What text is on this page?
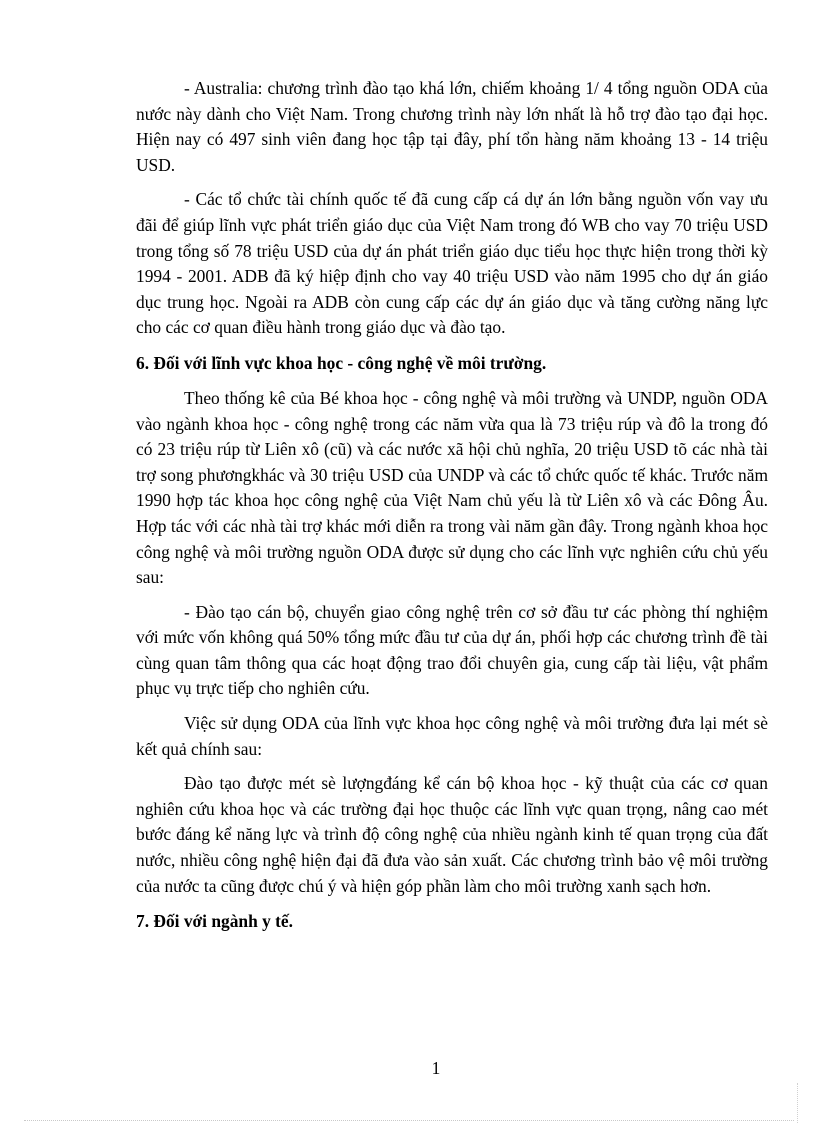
- Australia: chương trình đào tạo khá lớn, chiếm khoảng 1/ 4 tổng nguồn ODA của nước này dành cho Việt Nam. Trong chương trình này lớn nhất là hỗ trợ đào tạo đại học. Hiện nay có 497 sinh viên đang học tập tại đây, phí tổn hàng năm khoảng 13 - 14 triệu USD.

- Các tổ chức tài chính quốc tế đã cung cấp cá dự án lớn bằng nguồn vốn vay ưu đãi để giúp lĩnh vực phát triển giáo dục của Việt Nam trong đó WB cho vay 70 triệu USD trong tổng số 78 triệu USD của dự án phát triển giáo dục tiểu học thực hiện trong thời kỳ 1994 - 2001. ADB đã ký hiệp định cho vay 40 triệu USD vào năm 1995 cho dự án giáo dục trung học. Ngoài ra ADB còn cung cấp các dự án giáo dục và tăng cường năng lực cho các cơ quan điều hành trong giáo dục và đào tạo.

6. Đối với lĩnh vực khoa học - công nghệ về môi trường.

Theo thống kê của Bé khoa học - công nghệ và môi trường và UNDP, nguồn ODA vào ngành khoa học - công nghệ trong các năm vừa qua là 73 triệu rúp và đô la trong đó có 23 triệu rúp từ Liên xô (cũ) và các nước xã hội chủ nghĩa, 20 triệu USD tõ các nhà tài trợ song phươngkhác và 30 triệu USD của UNDP và các tổ chức quốc tế khác. Trước năm 1990 hợp tác khoa học công nghệ của Việt Nam chủ yếu là từ Liên xô và các Đông Âu. Hợp tác với các nhà tài trợ khác mới diễn ra trong vài năm gần đây. Trong ngành khoa học công nghệ và môi trường nguồn ODA được sử dụng cho các lĩnh vực nghiên cứu chủ yếu sau:

- Đào tạo cán bộ, chuyển giao công nghệ trên cơ sở đầu tư các phòng thí nghiệm với mức vốn không quá 50% tổng mức đầu tư của dự án, phối hợp các chương trình đề tài cùng quan tâm thông qua các hoạt động trao đổi chuyên gia, cung cấp tài liệu, vật phẩm phục vụ trực tiếp cho nghiên cứu.

Việc sử dụng ODA của lĩnh vực khoa học công nghệ và môi trường đưa lại mét sè kết quả chính sau:

Đào tạo được mét sè lượngđáng kể cán bộ khoa học - kỹ thuật của các cơ quan nghiên cứu khoa học và các trường đại học thuộc các lĩnh vực quan trọng, nâng cao mét bước đáng kể năng lực và trình độ công nghệ của nhiều ngành kinh tế quan trọng của đất nước, nhiều công nghệ hiện đại đã đưa vào sản xuất. Các chương trình bảo vệ môi trường của nước ta cũng được chú ý và hiện góp phần làm cho môi trường xanh sạch hơn.

7. Đối với ngành y tế.

1
